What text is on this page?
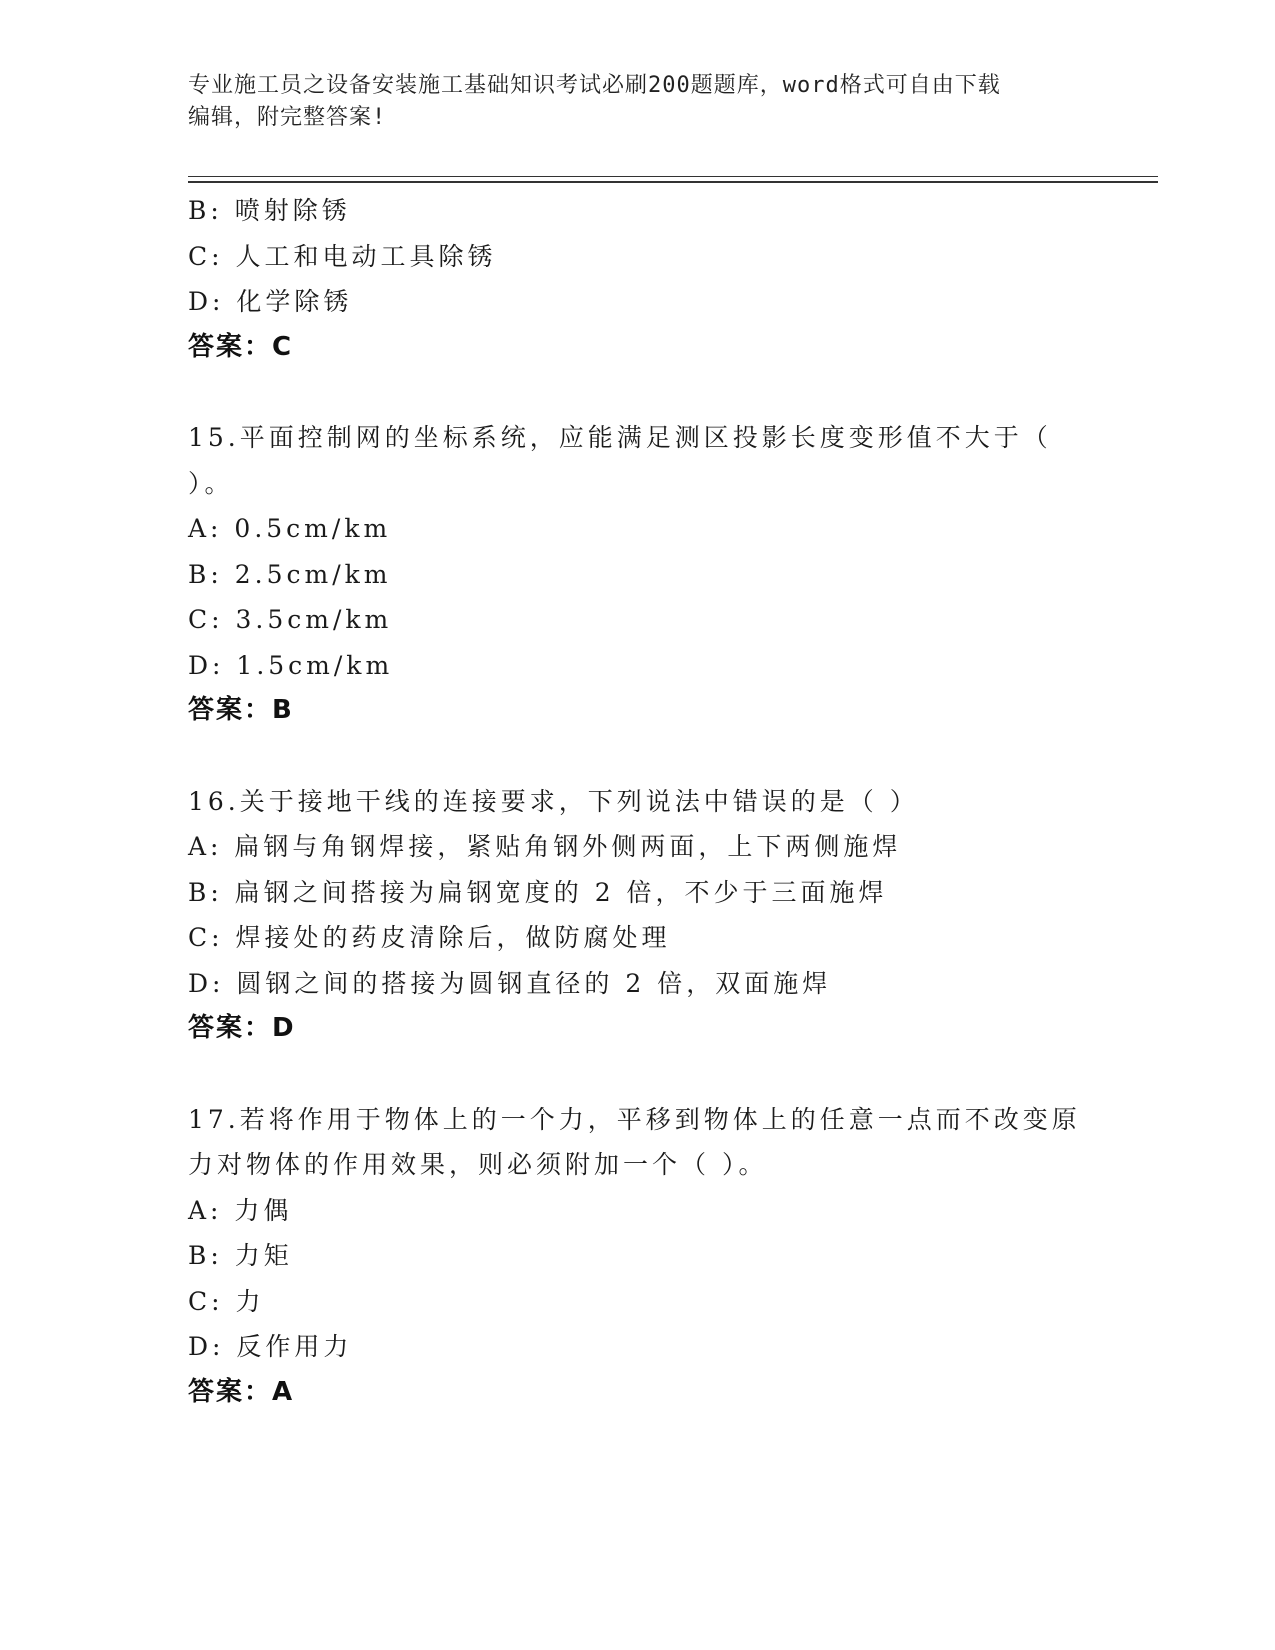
专业施工员之设备安装施工基础知识考试必刷200题题库，word格式可自由下载
编辑，附完整答案!
B: 喷射除锈
C: 人工和电动工具除锈
D: 化学除锈
答案：C
15.平面控制网的坐标系统，应能满足测区投影长度变形值不大于（
）。
A: 0.5cm/km
B: 2.5cm/km
C: 3.5cm/km
D: 1.5cm/km
答案：B
16.关于接地干线的连接要求，下列说法中错误的是（ ）
A: 扁钢与角钢焊接，紧贴角钢外侧两面，上下两侧施焊
B: 扁钢之间搭接为扁钢宽度的 2 倍，不少于三面施焊
C: 焊接处的药皮清除后，做防腐处理
D: 圆钢之间的搭接为圆钢直径的 2 倍，双面施焊
答案：D
17.若将作用于物体上的一个力，平移到物体上的任意一点而不改变原
力对物体的作用效果，则必须附加一个（ ）。
A: 力偶
B: 力矩
C: 力
D: 反作用力
答案：A
